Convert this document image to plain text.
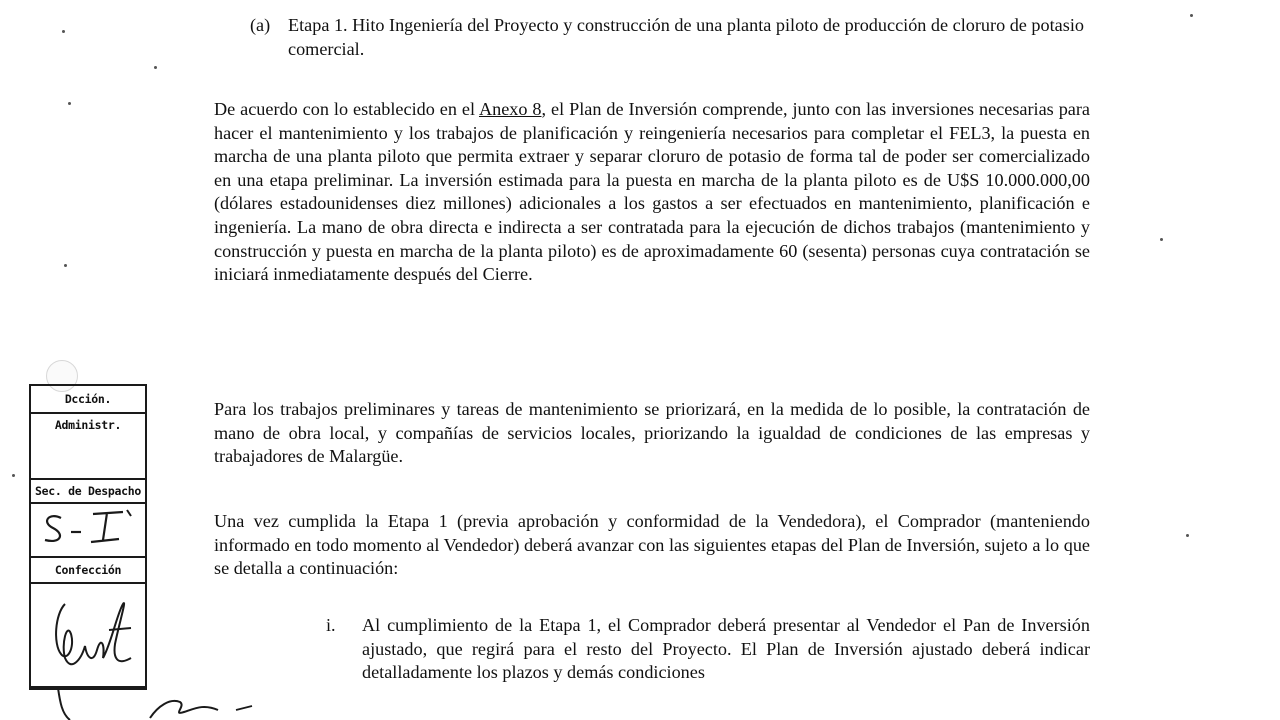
(a) Etapa 1. Hito Ingeniería del Proyecto y construcción de una planta piloto de producción de cloruro de potasio comercial.

De acuerdo con lo establecido en el Anexo 8, el Plan de Inversión comprende, junto con las inversiones necesarias para hacer el mantenimiento y los trabajos de planificación y reingeniería necesarios para completar el FEL3, la puesta en marcha de una planta piloto que permita extraer y separar cloruro de potasio de forma tal de poder ser comercializado en una etapa preliminar. La inversión estimada para la puesta en marcha de la planta piloto es de U$S 10.000.000,00 (dólares estadounidenses diez millones) adicionales a los gastos a ser efectuados en mantenimiento, planificación e ingeniería. La mano de obra directa e indirecta a ser contratada para la ejecución de dichos trabajos (mantenimiento y construcción y puesta en marcha de la planta piloto) es de aproximadamente 60 (sesenta) personas cuya contratación se iniciará inmediatamente después del Cierre.

Para los trabajos preliminares y tareas de mantenimiento se priorizará, en la medida de lo posible, la contratación de mano de obra local, y compañías de servicios locales, priorizando la igualdad de condiciones de las empresas y trabajadores de Malargüe.

Una vez cumplida la Etapa 1 (previa aprobación y conformidad de la Vendedora), el Comprador (manteniendo informado en todo momento al Vendedor) deberá avanzar con las siguientes etapas del Plan de Inversión, sujeto a lo que se detalla a continuación:

i. Al cumplimiento de la Etapa 1, el Comprador deberá presentar al Vendedor el Pan de Inversión ajustado, que regirá para el resto del Proyecto. El Plan de Inversión ajustado deberá indicar detalladamente los plazos y demás condiciones

Dcción. Administr.
Sec. de Despacho
Confección
